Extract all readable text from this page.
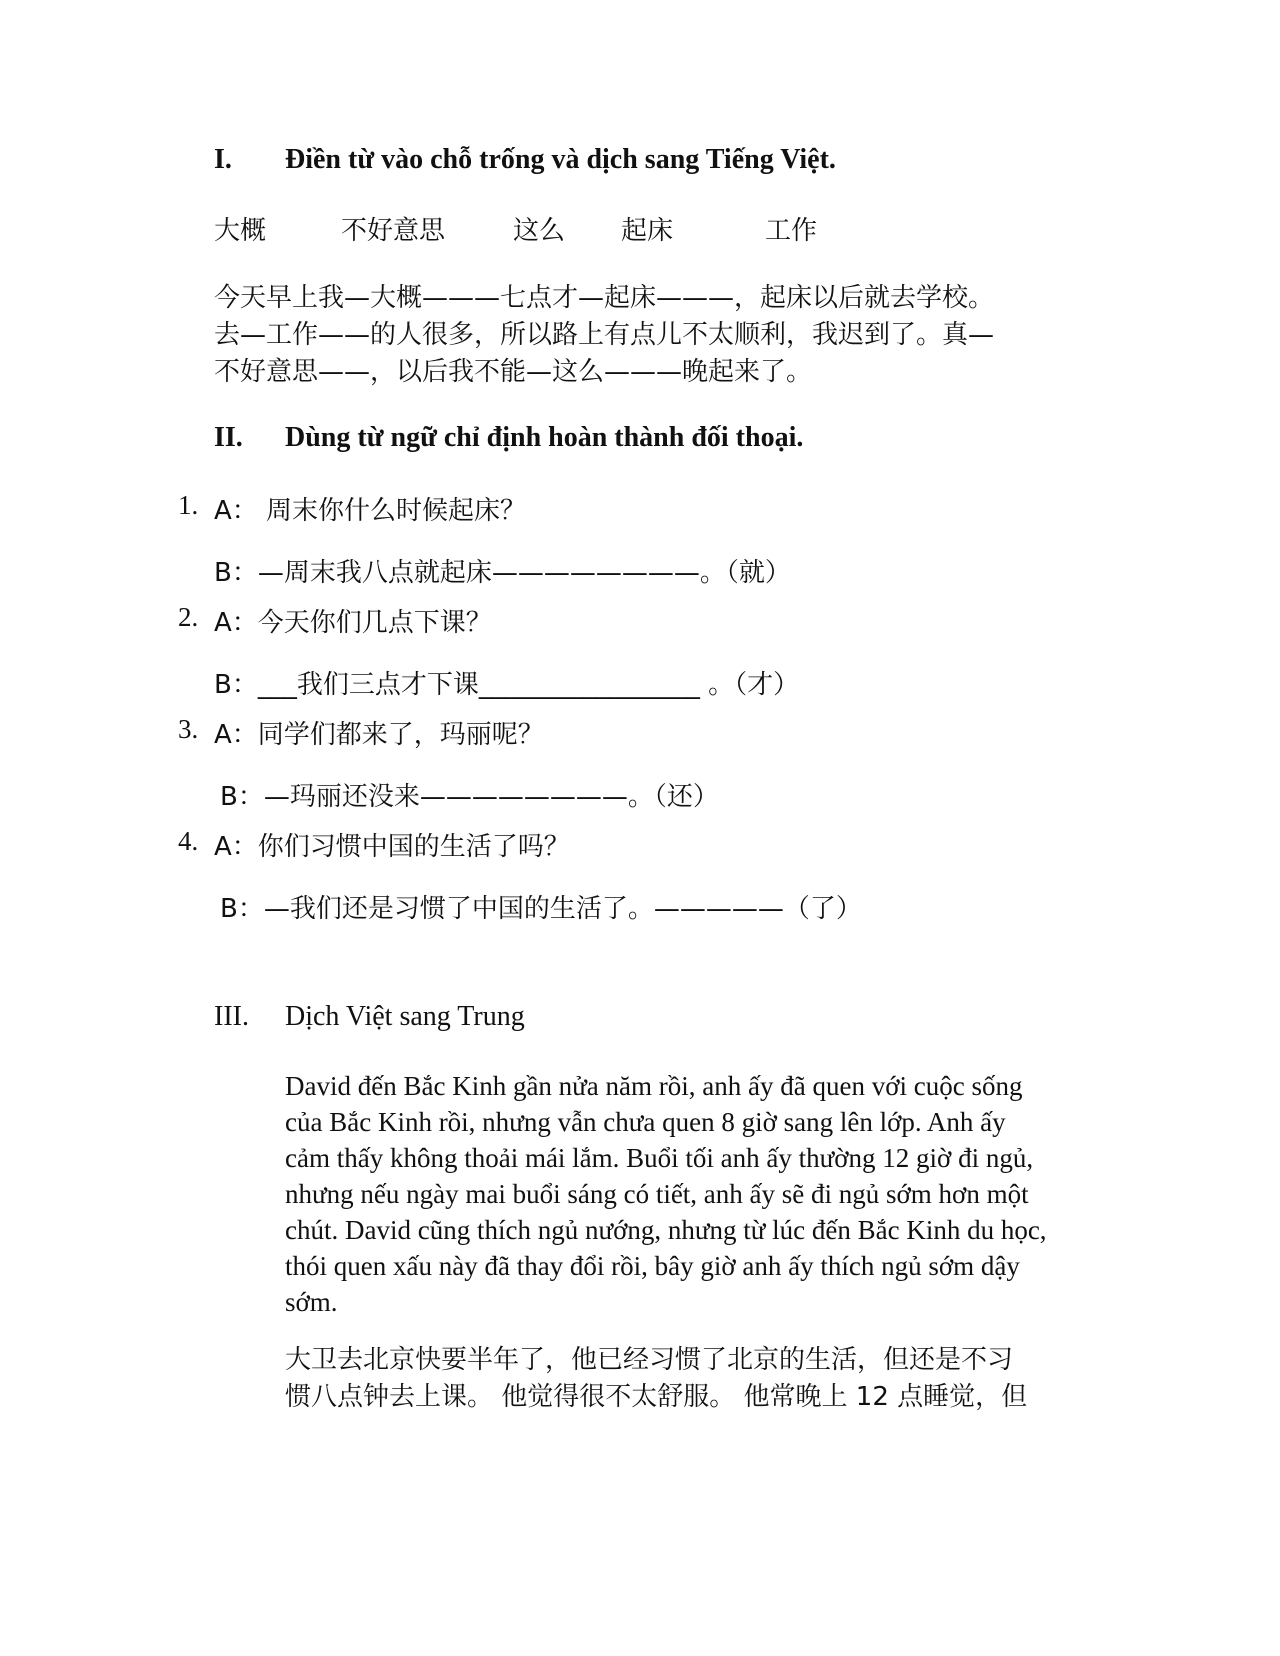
I. Điền từ vào chỗ trống và dịch sang Tiếng Việt.
大概	不好意思	这么 起床	工作
今天早上我—大概———七点才—起床———，起床以后就去学校。
去—工作——的人很多，所以路上有点儿不太顺利，我迟到了。真—
不好意思——，以后我不能—这么———晚起来了。
II. Dùng từ ngữ chỉ định hoàn thành đối thoại.
1. A： 周末你什么时候起床？
B：—周末我八点就起床————————。（就）
2. A：今天你们几点下课？
B：___我们三点才下课_________________ 。（才）
3. A：同学们都来了，玛丽呢？
B：—玛丽还没来————————。（还）
4. A：你们习惯中国的生活了吗？
B：—我们还是习惯了中国的生活了。—————（了）
III. Dịch Việt sang Trung
David đến Bắc Kinh gần nửa năm rồi, anh ấy đã quen với cuộc sống
của Bắc Kinh rồi, nhưng vẫn chưa quen 8 giờ sang lên lớp. Anh ấy
cảm thấy không thoải mái lắm. Buổi tối anh ấy thường 12 giờ đi ngủ,
nhưng nếu ngày mai buổi sáng có tiết, anh ấy sẽ đi ngủ sớm hơn một
chút. David cũng thích ngủ nướng, nhưng từ lúc đến Bắc Kinh du học,
thói quen xấu này đã thay đổi rồi, bây giờ anh ấy thích ngủ sớm dậy
sớm.
大卫去北京快要半年了，他已经习惯了北京的生活，但还是不习
惯八点钟去上课。 他觉得很不太舒服。 他常晚上 12 点睡觉，但
